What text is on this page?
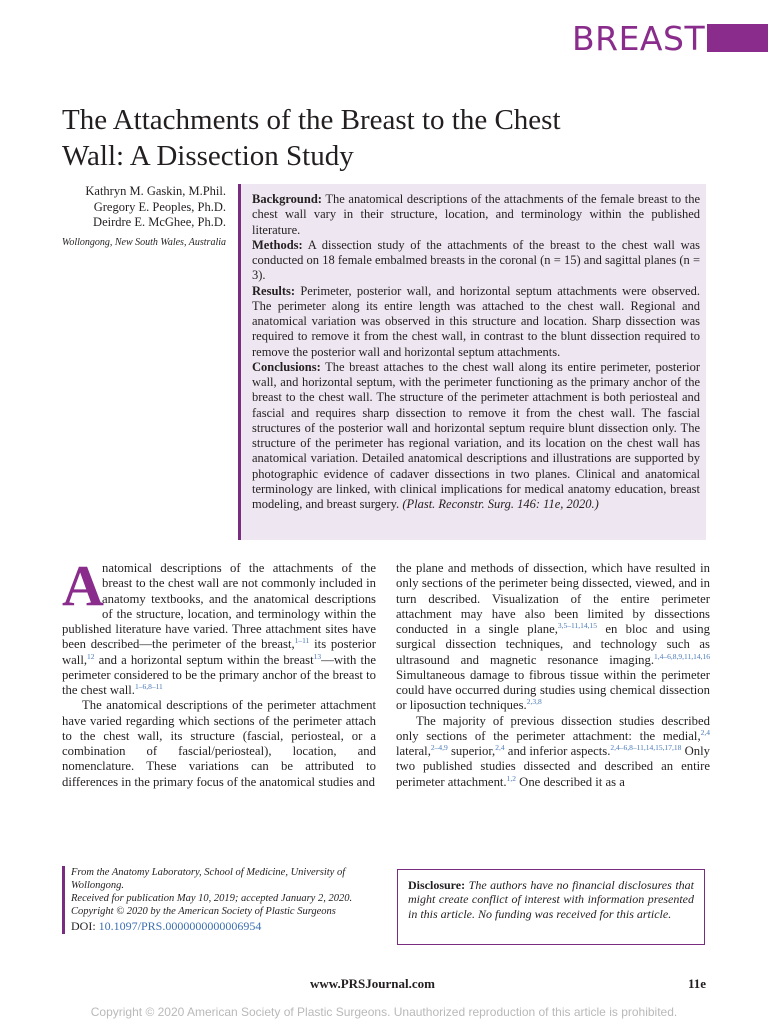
BREAST
The Attachments of the Breast to the Chest Wall: A Dissection Study
Kathryn M. Gaskin, M.Phil.
Gregory E. Peoples, Ph.D.
Deirdre E. McGhee, Ph.D.
Wollongong, New South Wales, Australia

Background: The anatomical descriptions of the attachments of the female breast to the chest wall vary in their structure, location, and terminology within the published literature.

Methods: A dissection study of the attachments of the breast to the chest wall was conducted on 18 female embalmed breasts in the coronal (n = 15) and sagittal planes (n = 3).

Results: Perimeter, posterior wall, and horizontal septum attachments were observed. The perimeter along its entire length was attached to the chest wall. Regional and anatomical variation was observed in this structure and location. Sharp dissection was required to remove it from the chest wall, in contrast to the blunt dissection required to remove the posterior wall and horizontal septum attachments.

Conclusions: The breast attaches to the chest wall along its entire perimeter, posterior wall, and horizontal septum, with the perimeter functioning as the primary anchor of the breast to the chest wall. The structure of the perimeter attachment is both periosteal and fascial and requires sharp dissection to remove it from the chest wall. The fascial structures of the posterior wall and horizontal septum require blunt dissection only. The structure of the perimeter has regional variation, and its location on the chest wall has anatomical variation. Detailed anatomical descriptions and illustrations are supported by photographic evidence of cadaver dissections in two planes. Clinical and anatomical terminology are linked, with clinical implications for medical anatomy education, breast modeling, and breast surgery. (Plast. Reconstr. Surg. 146: 11e, 2020.)

A
natomical descriptions of the attachments of the breast to the chest wall are not commonly included in anatomy textbooks, and the anatomical descriptions of the structure, location, and terminology within the published literature have varied. Three attachment sites have been described—the perimeter of the breast,$^{1-11}$ its posterior wall,$^{12}$ and a horizontal septum within the breast$^{13}$—with the perimeter considered to be the primary anchor of the breast to the chest wall.$^{1-6,8-11}$

The anatomical descriptions of the perimeter attachment have varied regarding which sections of the perimeter attach to the chest wall, its structure (fascial, periosteal, or a combination of fascial/periosteal), location, and nomenclature. These variations can be attributed to differences in the primary focus of the anatomical studies and

the plane and methods of dissection, which have resulted in only sections of the perimeter being dissected, viewed, and in turn described. Visualization of the entire perimeter attachment may have also been limited by dissections conducted in a single plane,$^{3,5-11,14,15}$ en bloc and using surgical dissection techniques, and technology such as ultrasound and magnetic resonance imaging.$^{1,4-6,8,9,11,14,16}$ Simultaneous damage to fibrous tissue within the perimeter could have occurred during studies using chemical dissection or liposuction techniques.$^{2,3,8}$

The majority of previous dissection studies described only sections of the perimeter attachment: the medial,$^{2,4}$ lateral,$^{2-4,9}$ superior,$^{2,4}$ and inferior aspects.$^{2,4-6,8-11,14,15,17,18}$ Only two published studies dissected and described an entire perimeter attachment.$^{1,2}$ One described it as a

From the Anatomy Laboratory, School of Medicine, University of Wollongong.
Received for publication May 10, 2019; accepted January 2, 2020.
Copyright © 2020 by the American Society of Plastic Surgeons
DOI: 10.1097/PRS.0000000000006954
Disclosure: The authors have no financial disclosures that might create conflict of interest with information presented in this article. No funding was received for this article.
www.PRSJournal.com	11e
Copyright © 2020 American Society of Plastic Surgeons. Unauthorized reproduction of this article is prohibited.
